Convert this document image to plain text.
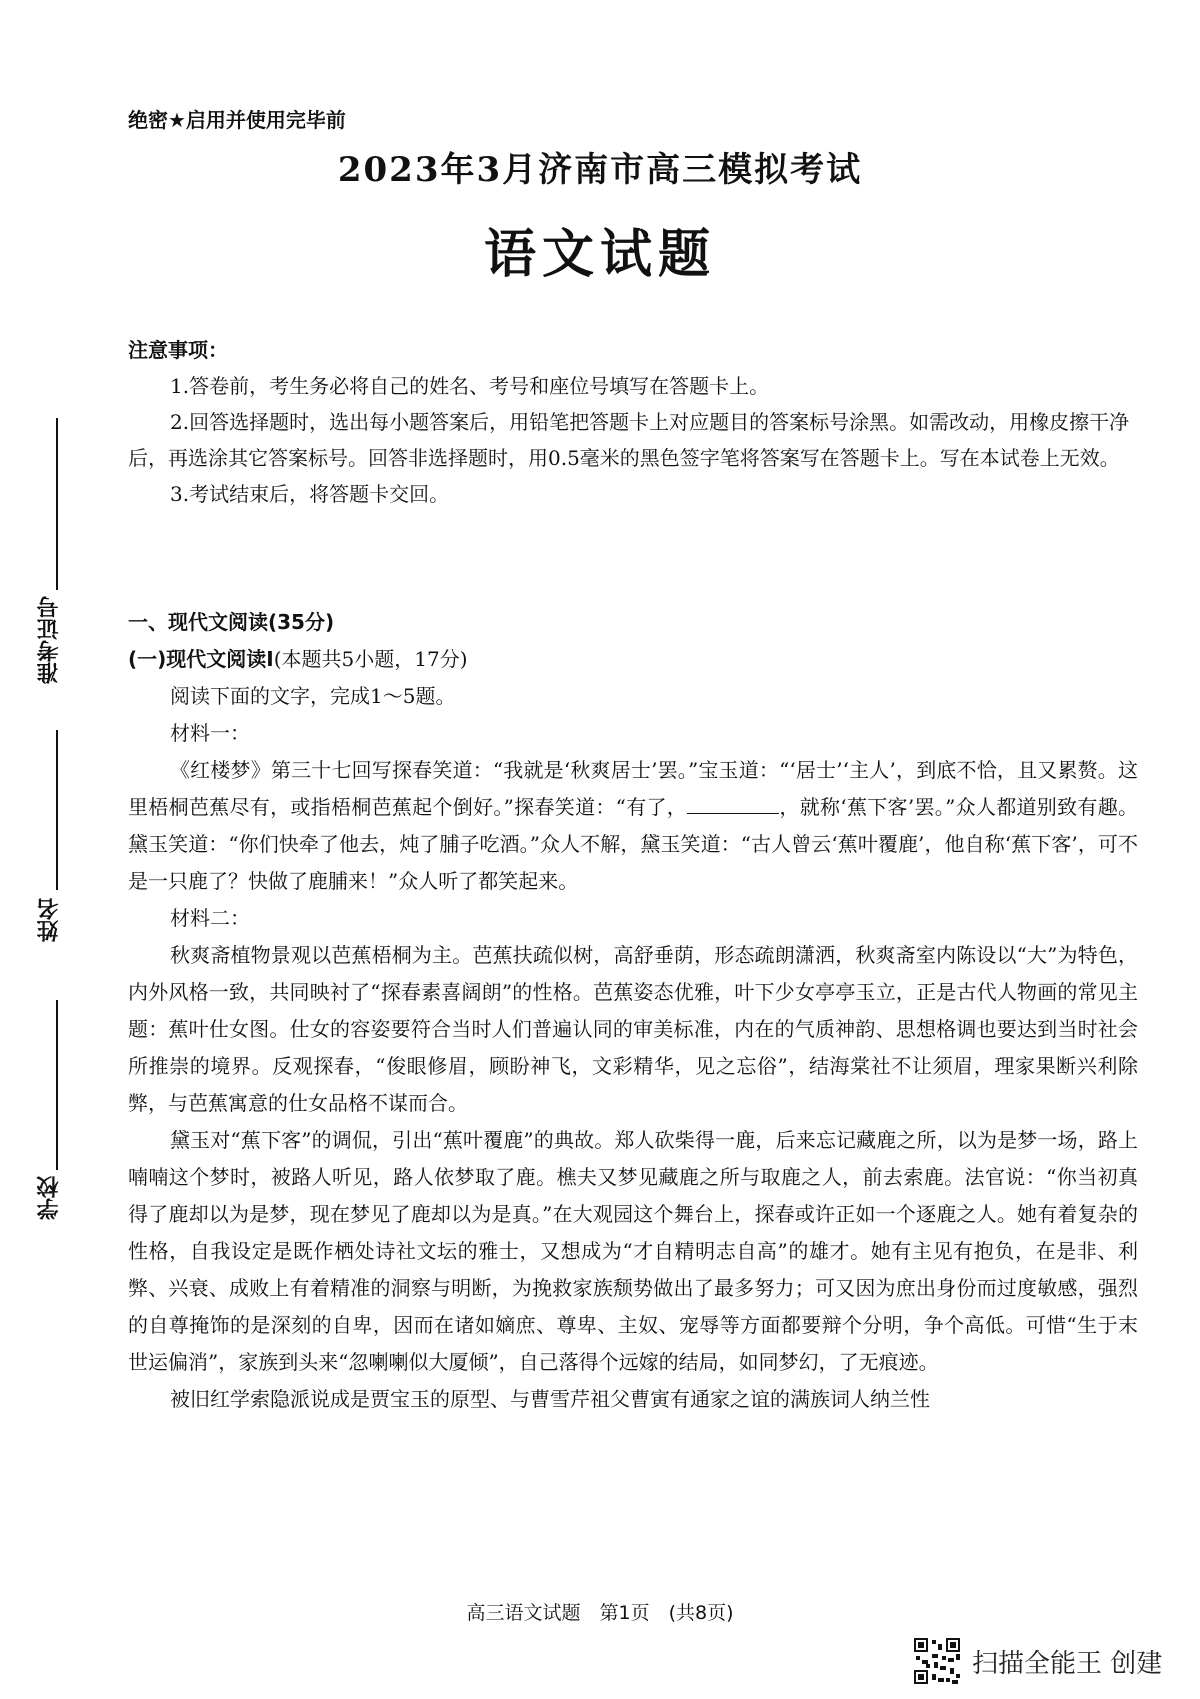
绝密★启用并使用完毕前
2023年3月济南市高三模拟考试
语文试题
注意事项：

1.答卷前，考生务必将自己的姓名、考号和座位号填写在答题卡上。

2.回答选择题时，选出每小题答案后，用铅笔把答题卡上对应题目的答案标号涂黑。如需改动，用橡皮擦干净后，再选涂其它答案标号。回答非选择题时，用0.5毫米的黑色签字笔将答案写在答题卡上。写在本试卷上无效。

3.考试结束后，将答题卡交回。

一、现代文阅读(35分)
(一)现代文阅读Ⅰ(本题共5小题，17分)

阅读下面的文字，完成1～5题。

材料一：

《红楼梦》第三十七回写探春笑道：“我就是‘秋爽居士’罢。”宝玉道：“‘居士’‘主人’，到底不恰，且又累赘。这里梧桐芭蕉尽有，或指梧桐芭蕉起个倒好。”探春笑道：“有了，	，就称‘蕉下客’罢。”众人都道别致有趣。黛玉笑道：“你们快牵了他去，炖了脯子吃酒。”众人不解，黛玉笑道：“古人曾云‘蕉叶覆鹿’，他自称‘蕉下客’，可不是一只鹿了？快做了鹿脯来！”众人听了都笑起来。

材料二：

秋爽斋植物景观以芭蕉梧桐为主。芭蕉扶疏似树，高舒垂荫，形态疏朗潇洒，秋爽斋室内陈设以“大”为特色，内外风格一致，共同映衬了“探春素喜阔朗”的性格。芭蕉姿态优雅，叶下少女亭亭玉立，正是古代人物画的常见主题：蕉叶仕女图。仕女的容姿要符合当时人们普遍认同的审美标准，内在的气质神韵、思想格调也要达到当时社会所推崇的境界。反观探春，“俊眼修眉，顾盼神飞，文彩精华，见之忘俗”，结海棠社不让须眉，理家果断兴利除弊，与芭蕉寓意的仕女品格不谋而合。

黛玉对“蕉下客”的调侃，引出“蕉叶覆鹿”的典故。郑人砍柴得一鹿，后来忘记藏鹿之所，以为是梦一场，路上喃喃这个梦时，被路人听见，路人依梦取了鹿。樵夫又梦见藏鹿之所与取鹿之人，前去索鹿。法官说：“你当初真得了鹿却以为是梦，现在梦见了鹿却以为是真。”在大观园这个舞台上，探春或许正如一个逐鹿之人。她有着复杂的性格，自我设定是既作栖处诗社文坛的雅士，又想成为“才自精明志自高”的雄才。她有主见有抱负，在是非、利弊、兴衰、成败上有着精准的洞察与明断，为挽救家族颓势做出了最多努力；可又因为庶出身份而过度敏感，强烈的自尊掩饰的是深刻的自卑，因而在诸如嫡庶、尊卑、主奴、宠辱等方面都要辩个分明，争个高低。可惜“生于末世运偏消”，家族到头来“忽喇喇似大厦倾”，自己落得个远嫁的结局，如同梦幻，了无痕迹。

被旧红学索隐派说成是贾宝玉的原型、与曹雪芹祖父曹寅有通家之谊的满族词人纳兰性

准考证号
姓名
学校
高三语文试题　第1页　(共8页)
扫描全能王 创建
